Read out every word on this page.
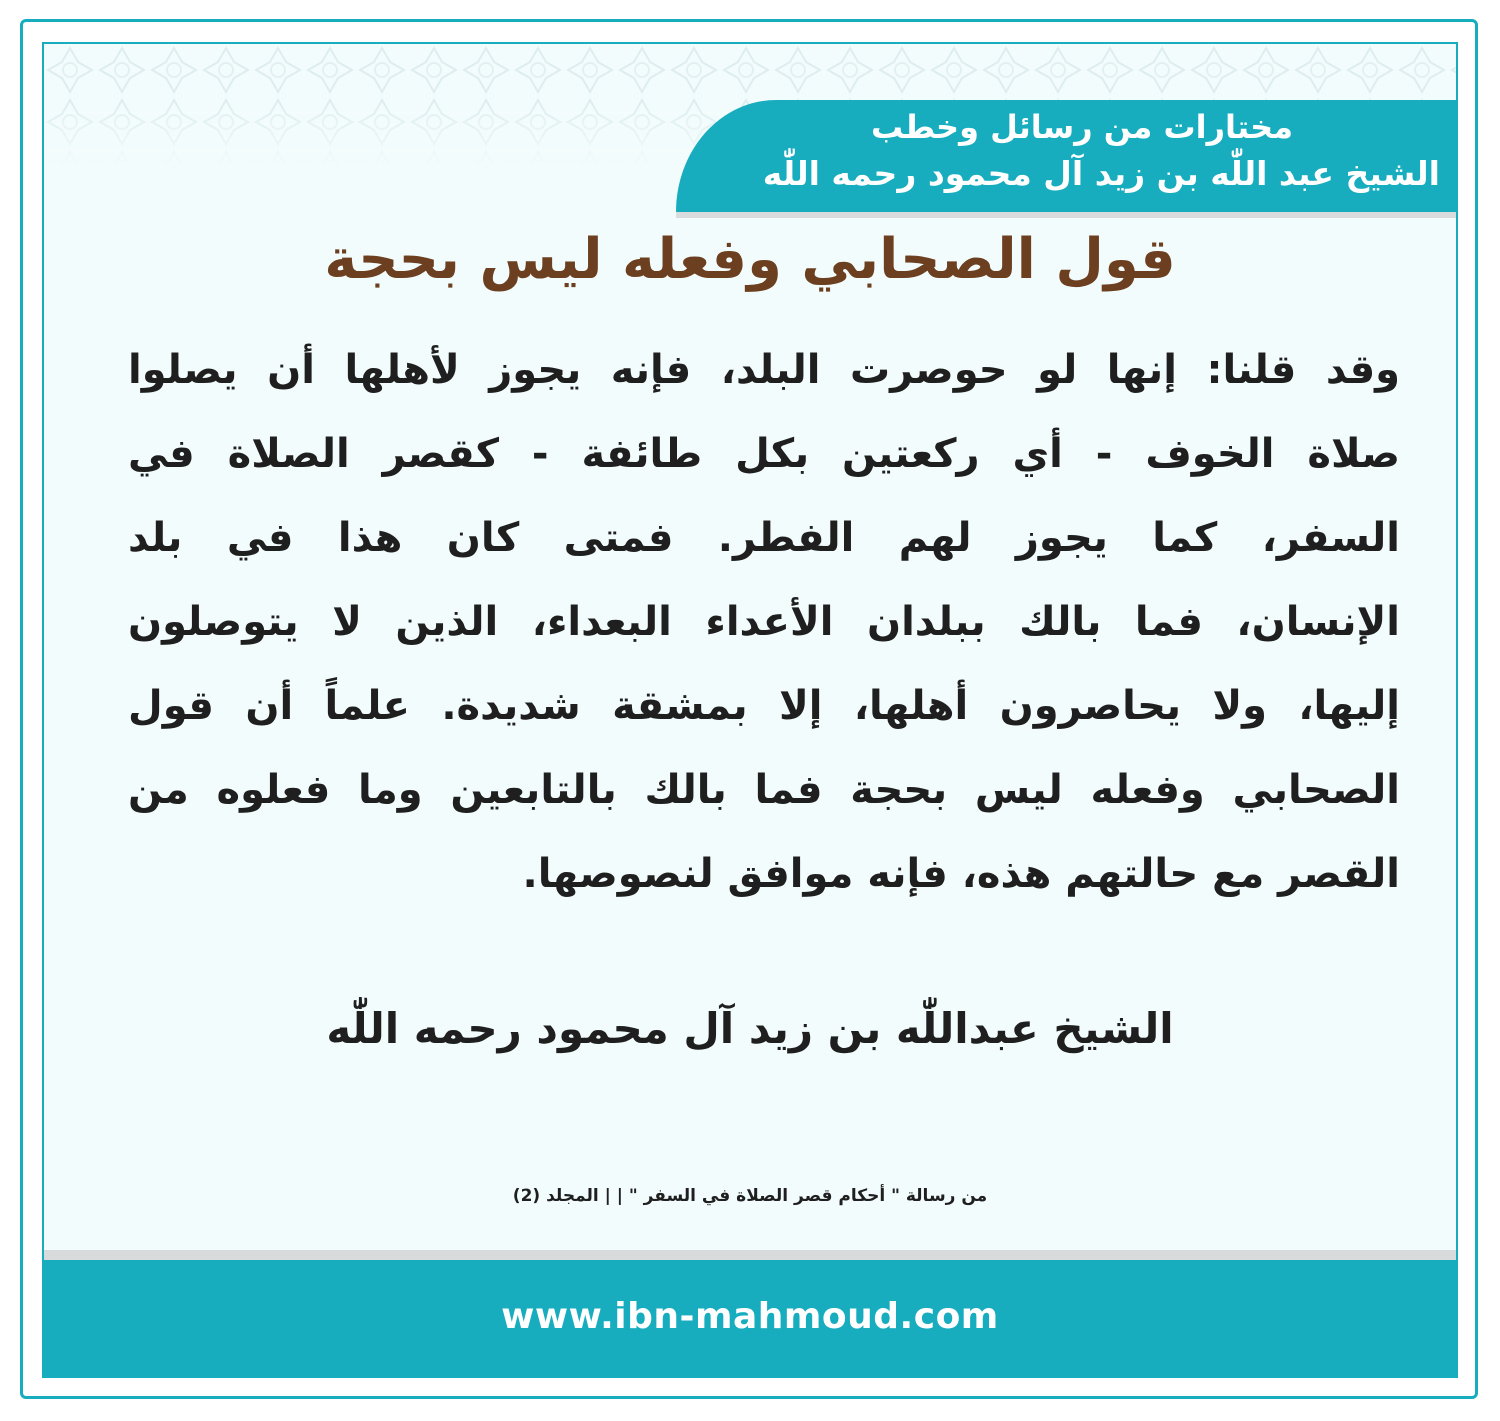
مختارات من رسائل وخطب
الشيخ عبد اللّٰه بن زيد آل محمود رحمه اللّٰه
قول الصحابي وفعله ليس بحجة
وقد قلنا: إنها لو حوصرت البلد، فإنه يجوز لأهلها أن يصلوا
صلاة الخوف - أي ركعتين بكل طائفة - كقصر الصلاة في
السفر، كما يجوز لهم الفطر. فمتى كان هذا في بلد
الإنسان، فما بالك ببلدان الأعداء البعداء، الذين لا يتوصلون
إليها، ولا يحاصرون أهلها، إلا بمشقة شديدة. علماً أن قول
الصحابي وفعله ليس بحجة فما بالك بالتابعين وما فعلوه من
القصر مع حالتهم هذه، فإنه موافق لنصوصها.
الشيخ عبداللّٰه بن زيد آل محمود رحمه اللّٰه
من رسالة " أحكام قصر الصلاة في السفر " | | المجلد (2)
www.ibn-mahmoud.com
